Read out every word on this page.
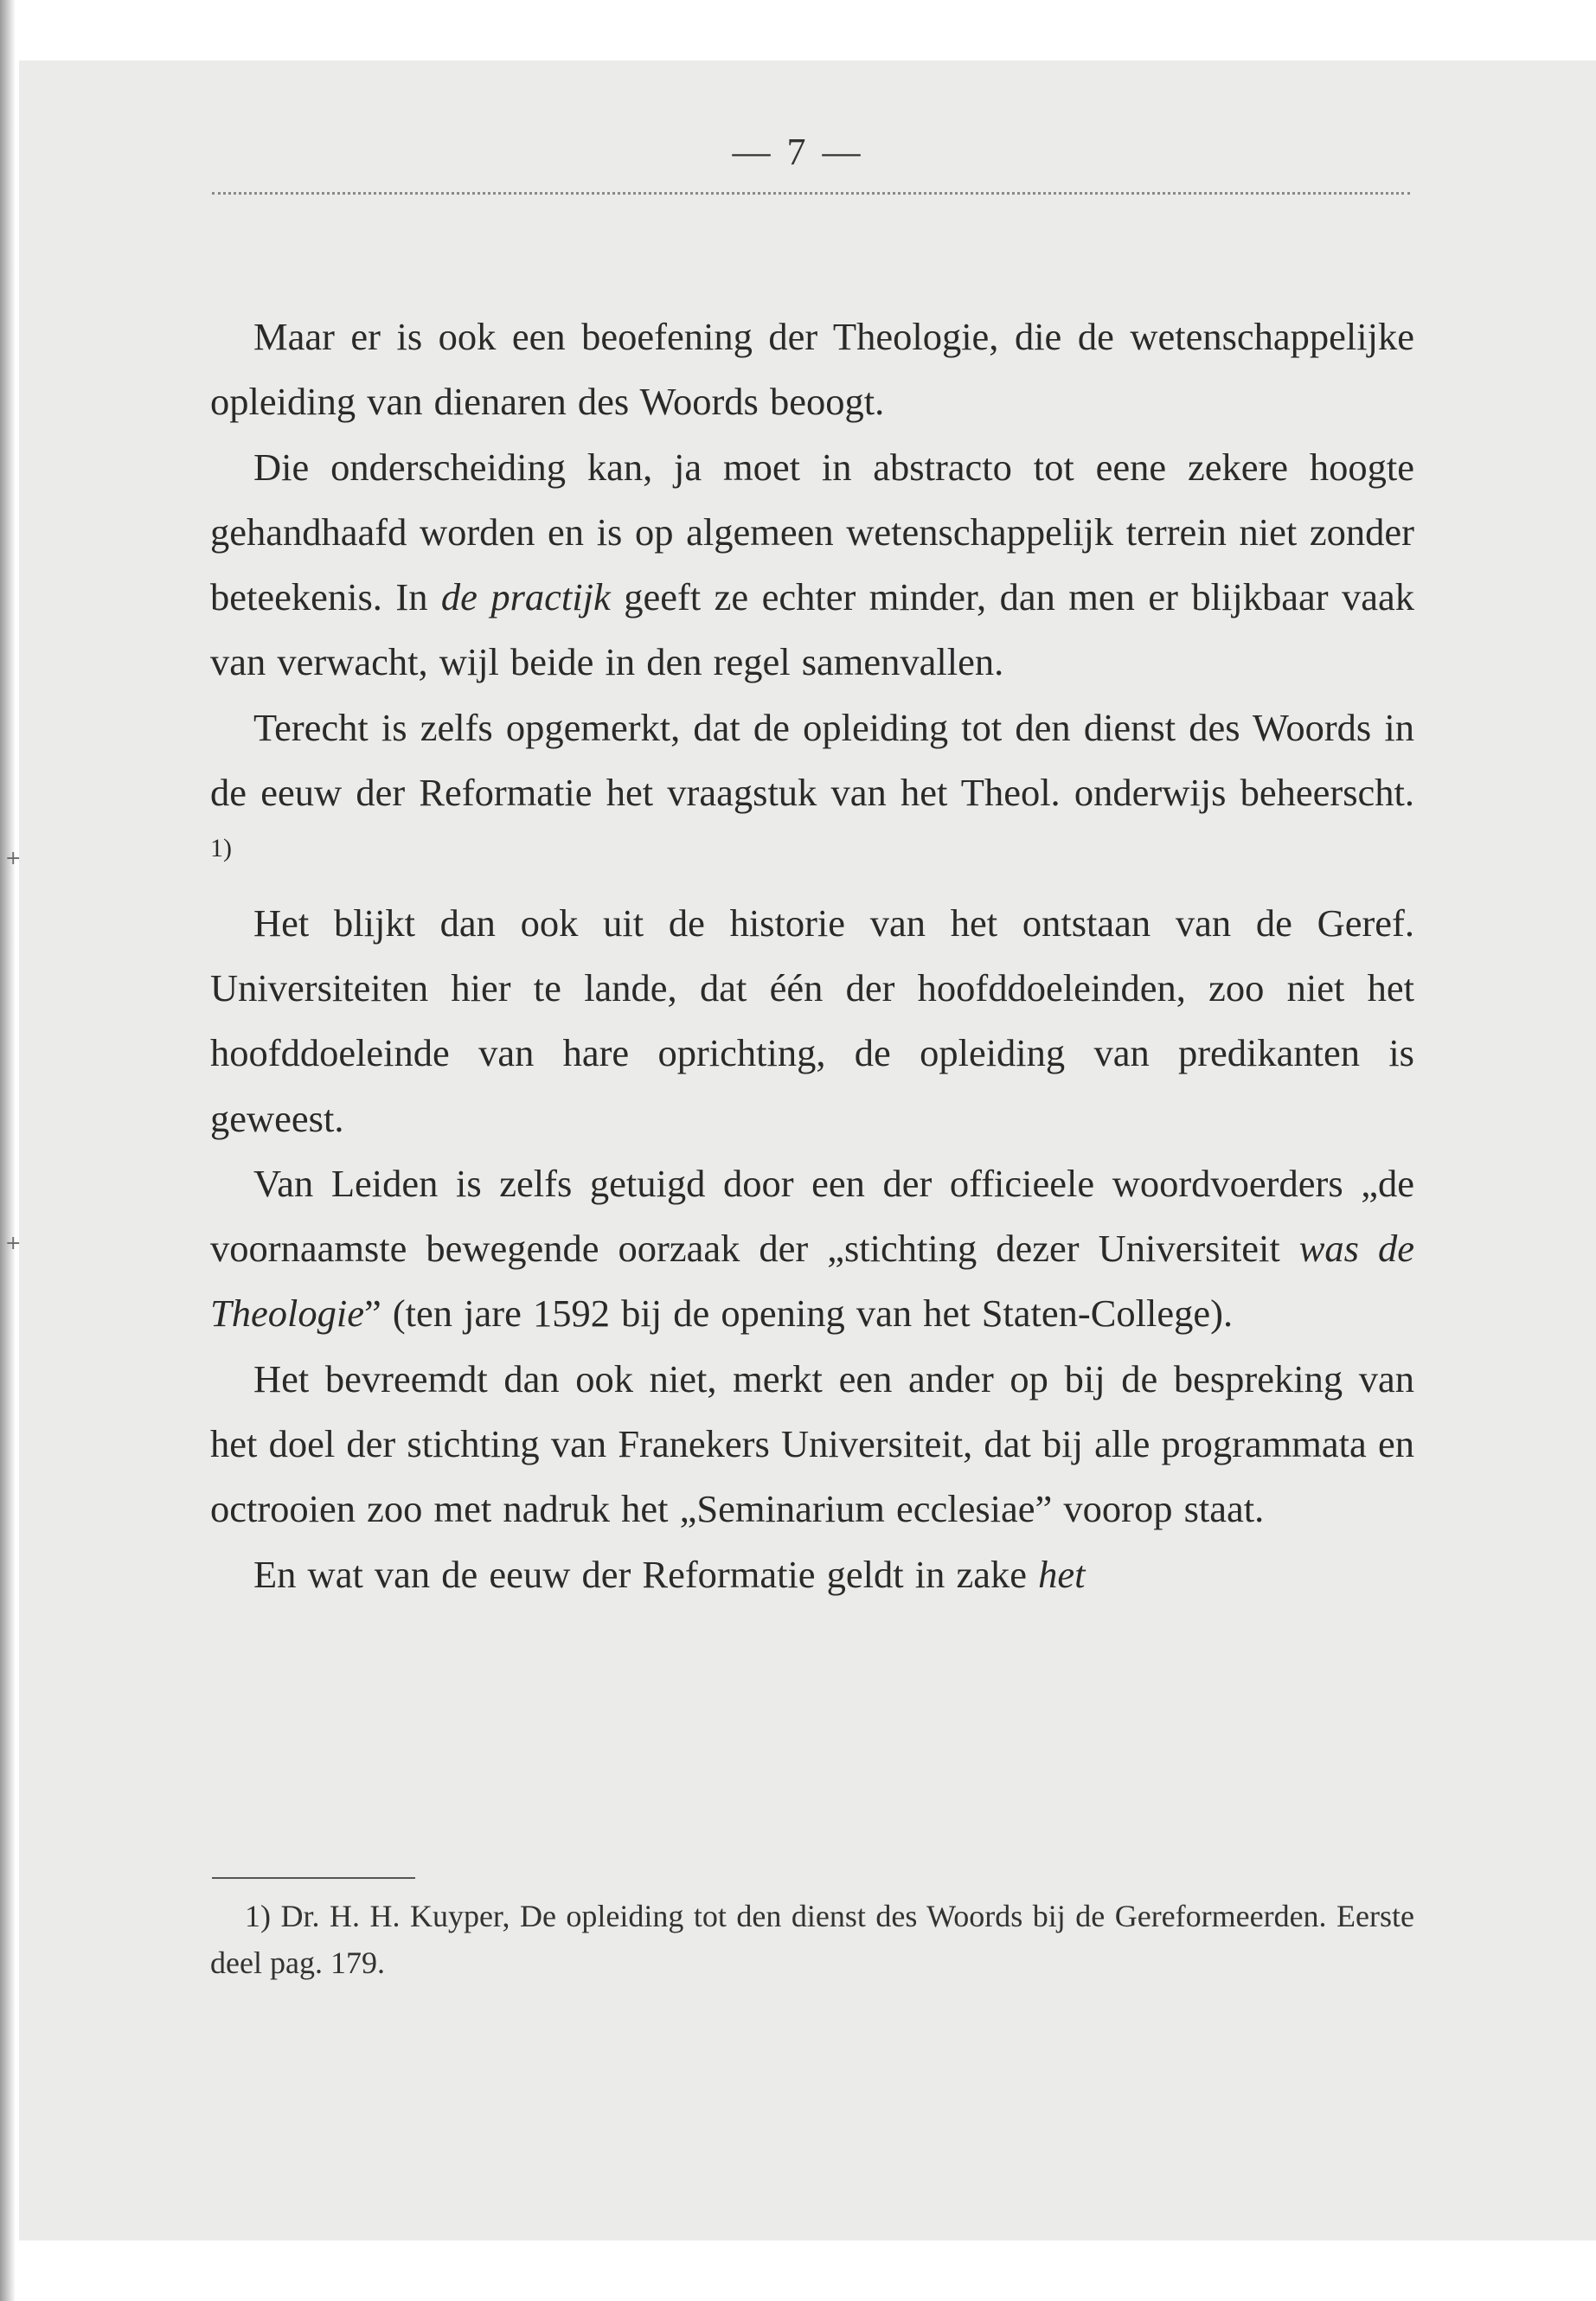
— 7 —

Maar er is ook een beoefening der Theologie, die de wetenschappelijke opleiding van dienaren des Woords beoogt.

Die onderscheiding kan, ja moet in abstracto tot eene zekere hoogte gehandhaafd worden en is op algemeen wetenschappelijk terrein niet zonder beteekenis. In de practijk geeft ze echter minder, dan men er blijkbaar vaak van verwacht, wijl beide in den regel samenvallen.

Terecht is zelfs opgemerkt, dat de opleiding tot den dienst des Woords in de eeuw der Reformatie het vraagstuk van het Theol. onderwijs beheerscht. $^{1)}$

Het blijkt dan ook uit de historie van het ontstaan van de Geref. Universiteiten hier te lande, dat één der hoofddoeleinden, zoo niet het hoofddoeleinde van hare oprichting, de opleiding van predikanten is geweest.

Van Leiden is zelfs getuigd door een der officieele woordvoerders „de voornaamste bewegende oorzaak der „stichting dezer Universiteit was de Theologie” (ten jare 1592 bij de opening van het Staten-College).

Het bevreemdt dan ook niet, merkt een ander op bij de bespreking van het doel der stichting van Franekers Universiteit, dat bij alle programmata en octrooien zoo met nadruk het „Seminarium ecclesiae” voorop staat.

En wat van de eeuw der Reformatie geldt in zake het

1) Dr. H. H. Kuyper, De opleiding tot den dienst des Woords bij de Gereformeerden. Eerste deel pag. 179.
+
+
